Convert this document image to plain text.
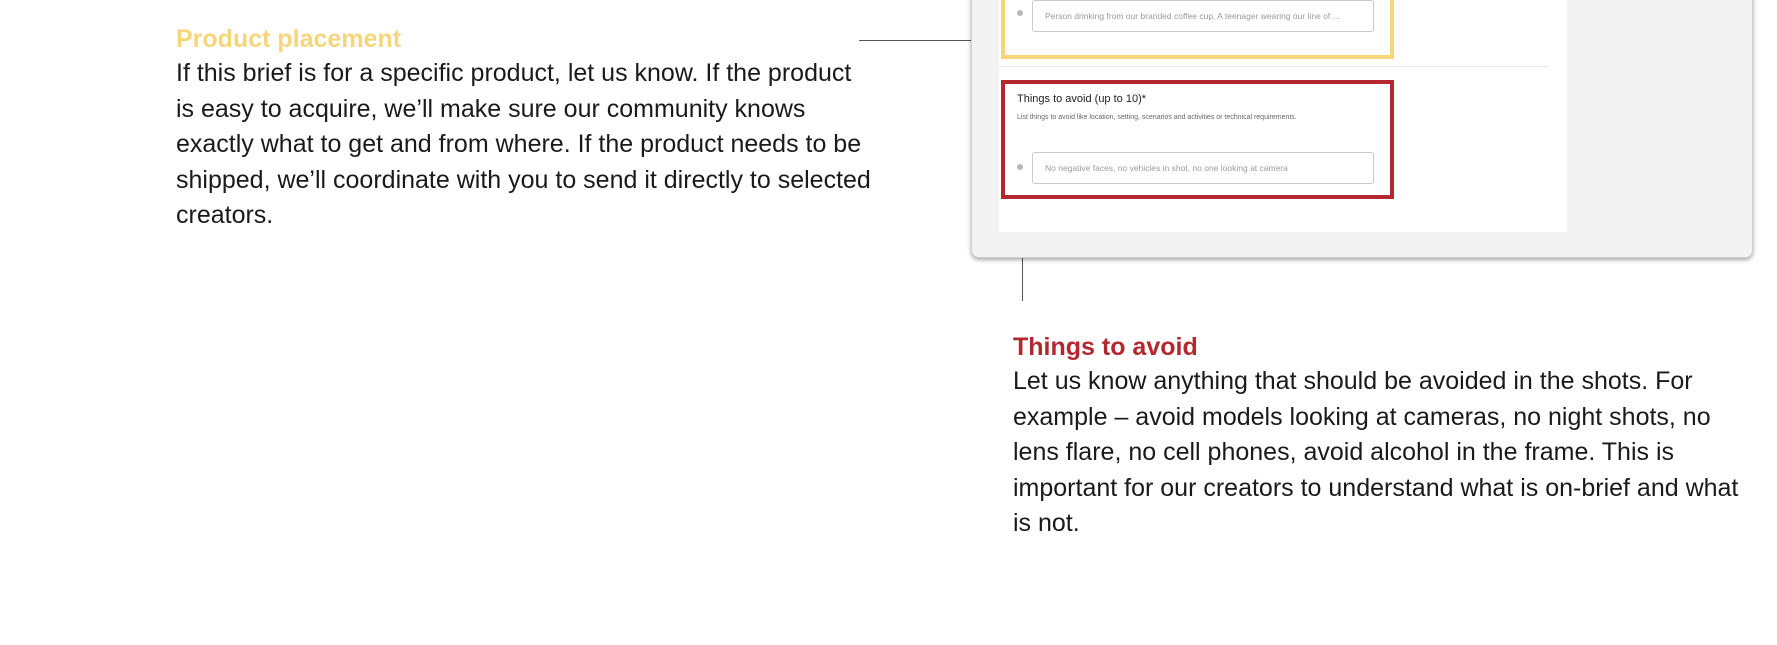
Product placement

If this brief is for a specific product, let us know. If the product is easy to acquire, we’ll make sure our community knows exactly what to get and from where. If the product needs to be shipped, we’ll coordinate with you to send it directly to selected creators.

Person drinking from our branded coffee cup, A teenager wearing our line of ...
Things to avoid (up to 10)*
List things to avoid like location, setting, scenarios and activities or technical requirements.
No negative faces, no vehicles in shot, no one looking at camera
Things to avoid

Let us know anything that should be avoided in the shots. For example – avoid models looking at cameras, no night shots, no lens flare, no cell phones, avoid alcohol in the frame. This is important for our creators to understand what is on-brief and what is not.
